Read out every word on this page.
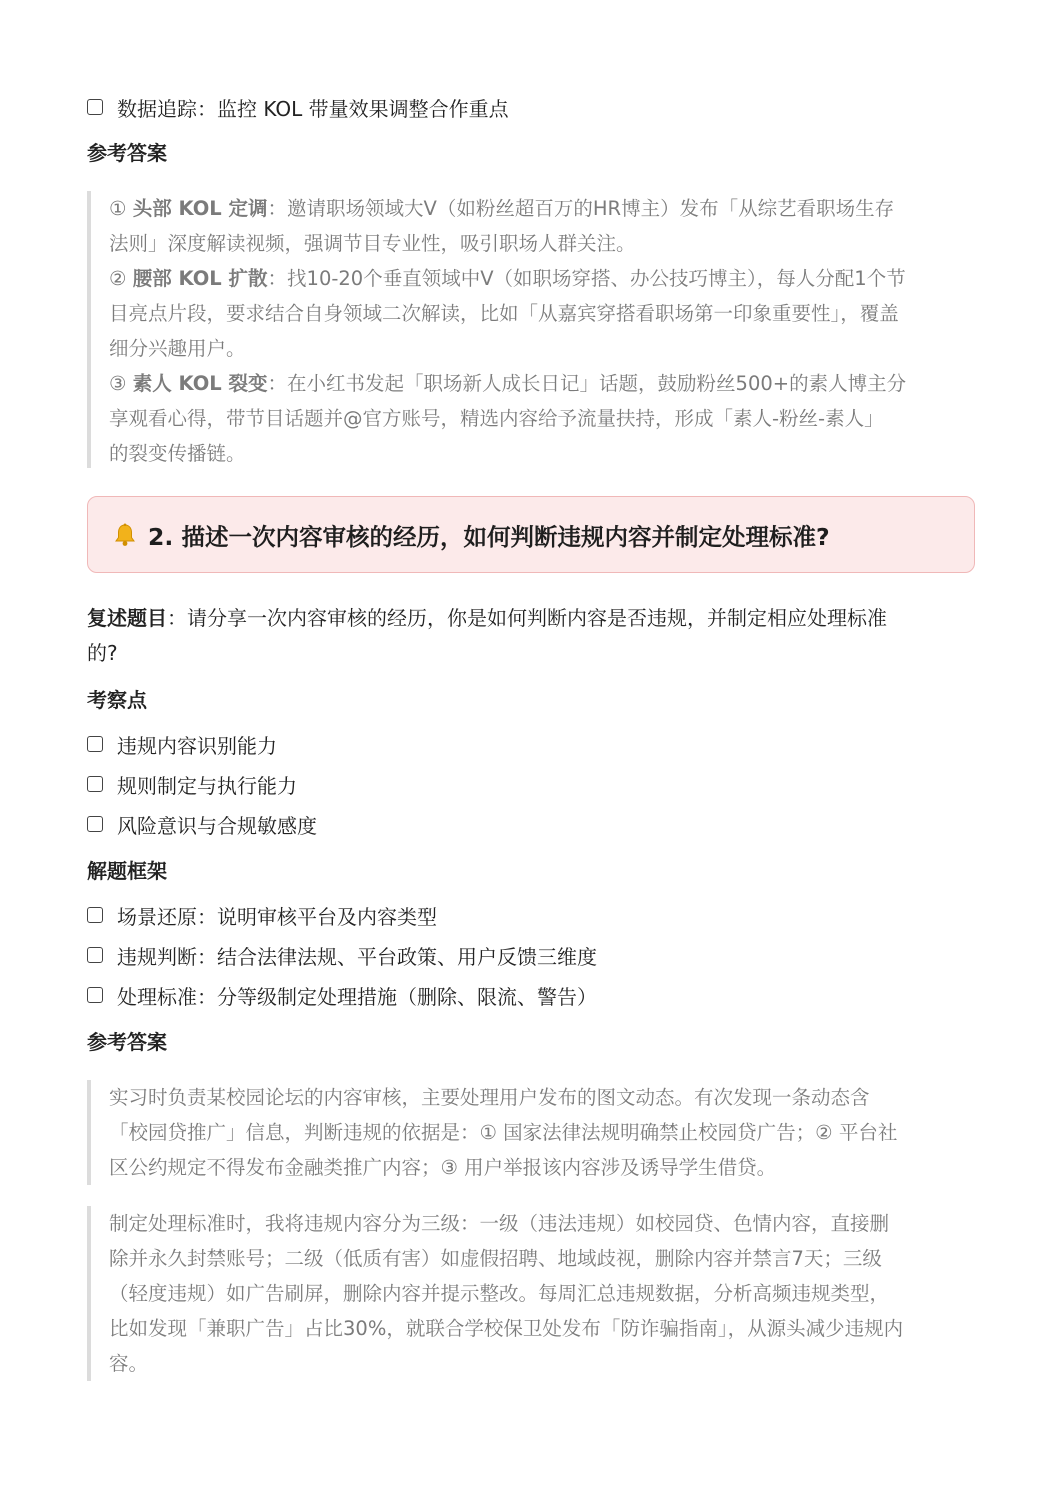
数据追踪 ： 监控 KOL 带量效果调整合作重点
参考答案
① 头部 KOL 定调：邀请职场领域大V（如粉丝超百万的HR博主）发布「从综艺看职场生存
法则」深度解读视频，强调节目专业性，吸引职场人群关注。
② 腰部 KOL 扩散：找10-20个垂直领域中V（如职场穿搭、办公技巧博主），每人分配1个节
目亮点片段，要求结合自身领域二次解读，比如「从嘉宾穿搭看职场第一印象重要性」，覆盖
细分兴趣用户。
③ 素人 KOL 裂变：在小红书发起「职场新人成长日记」话题，鼓励粉丝500+的素人博主分
享观看心得，带节目话题并@官方账号，精选内容给予流量扶持，形成「素人-粉丝-素人」
的裂变传播链。
2. 描述一次内容审核的经历，如何判断违规内容并制定处理标准?
复述题目：请分享一次内容审核的经历，你是如何判断内容是否违规，并制定相应处理标准
的?
考察点
违规内容识别能力
规则制定与执行能力
风险意识与合规敏感度
解题框架
场景还原 ： 说明审核平台及内容类型
违规判断 ： 结合法律法规、平台政策、用户反馈三维度
处理标准 ： 分等级制定处理措施（删除、限流、警告）
参考答案
实习时负责某校园论坛的内容审核，主要处理用户发布的图文动态。有次发现一条动态含
「校园贷推广」信息，判断违规的依据是：① 国家法律法规明确禁止校园贷广告；② 平台社
区公约规定不得发布金融类推广内容；③ 用户举报该内容涉及诱导学生借贷。
制定处理标准时，我将违规内容分为三级：一级（违法违规）如校园贷、色情内容，直接删
除并永久封禁账号；二级（低质有害）如虚假招聘、地域歧视，删除内容并禁言7天；三级
（轻度违规）如广告刷屏，删除内容并提示整改。每周汇总违规数据，分析高频违规类型，
比如发现「兼职广告」占比30%，就联合学校保卫处发布「防诈骗指南」，从源头减少违规内
容。
